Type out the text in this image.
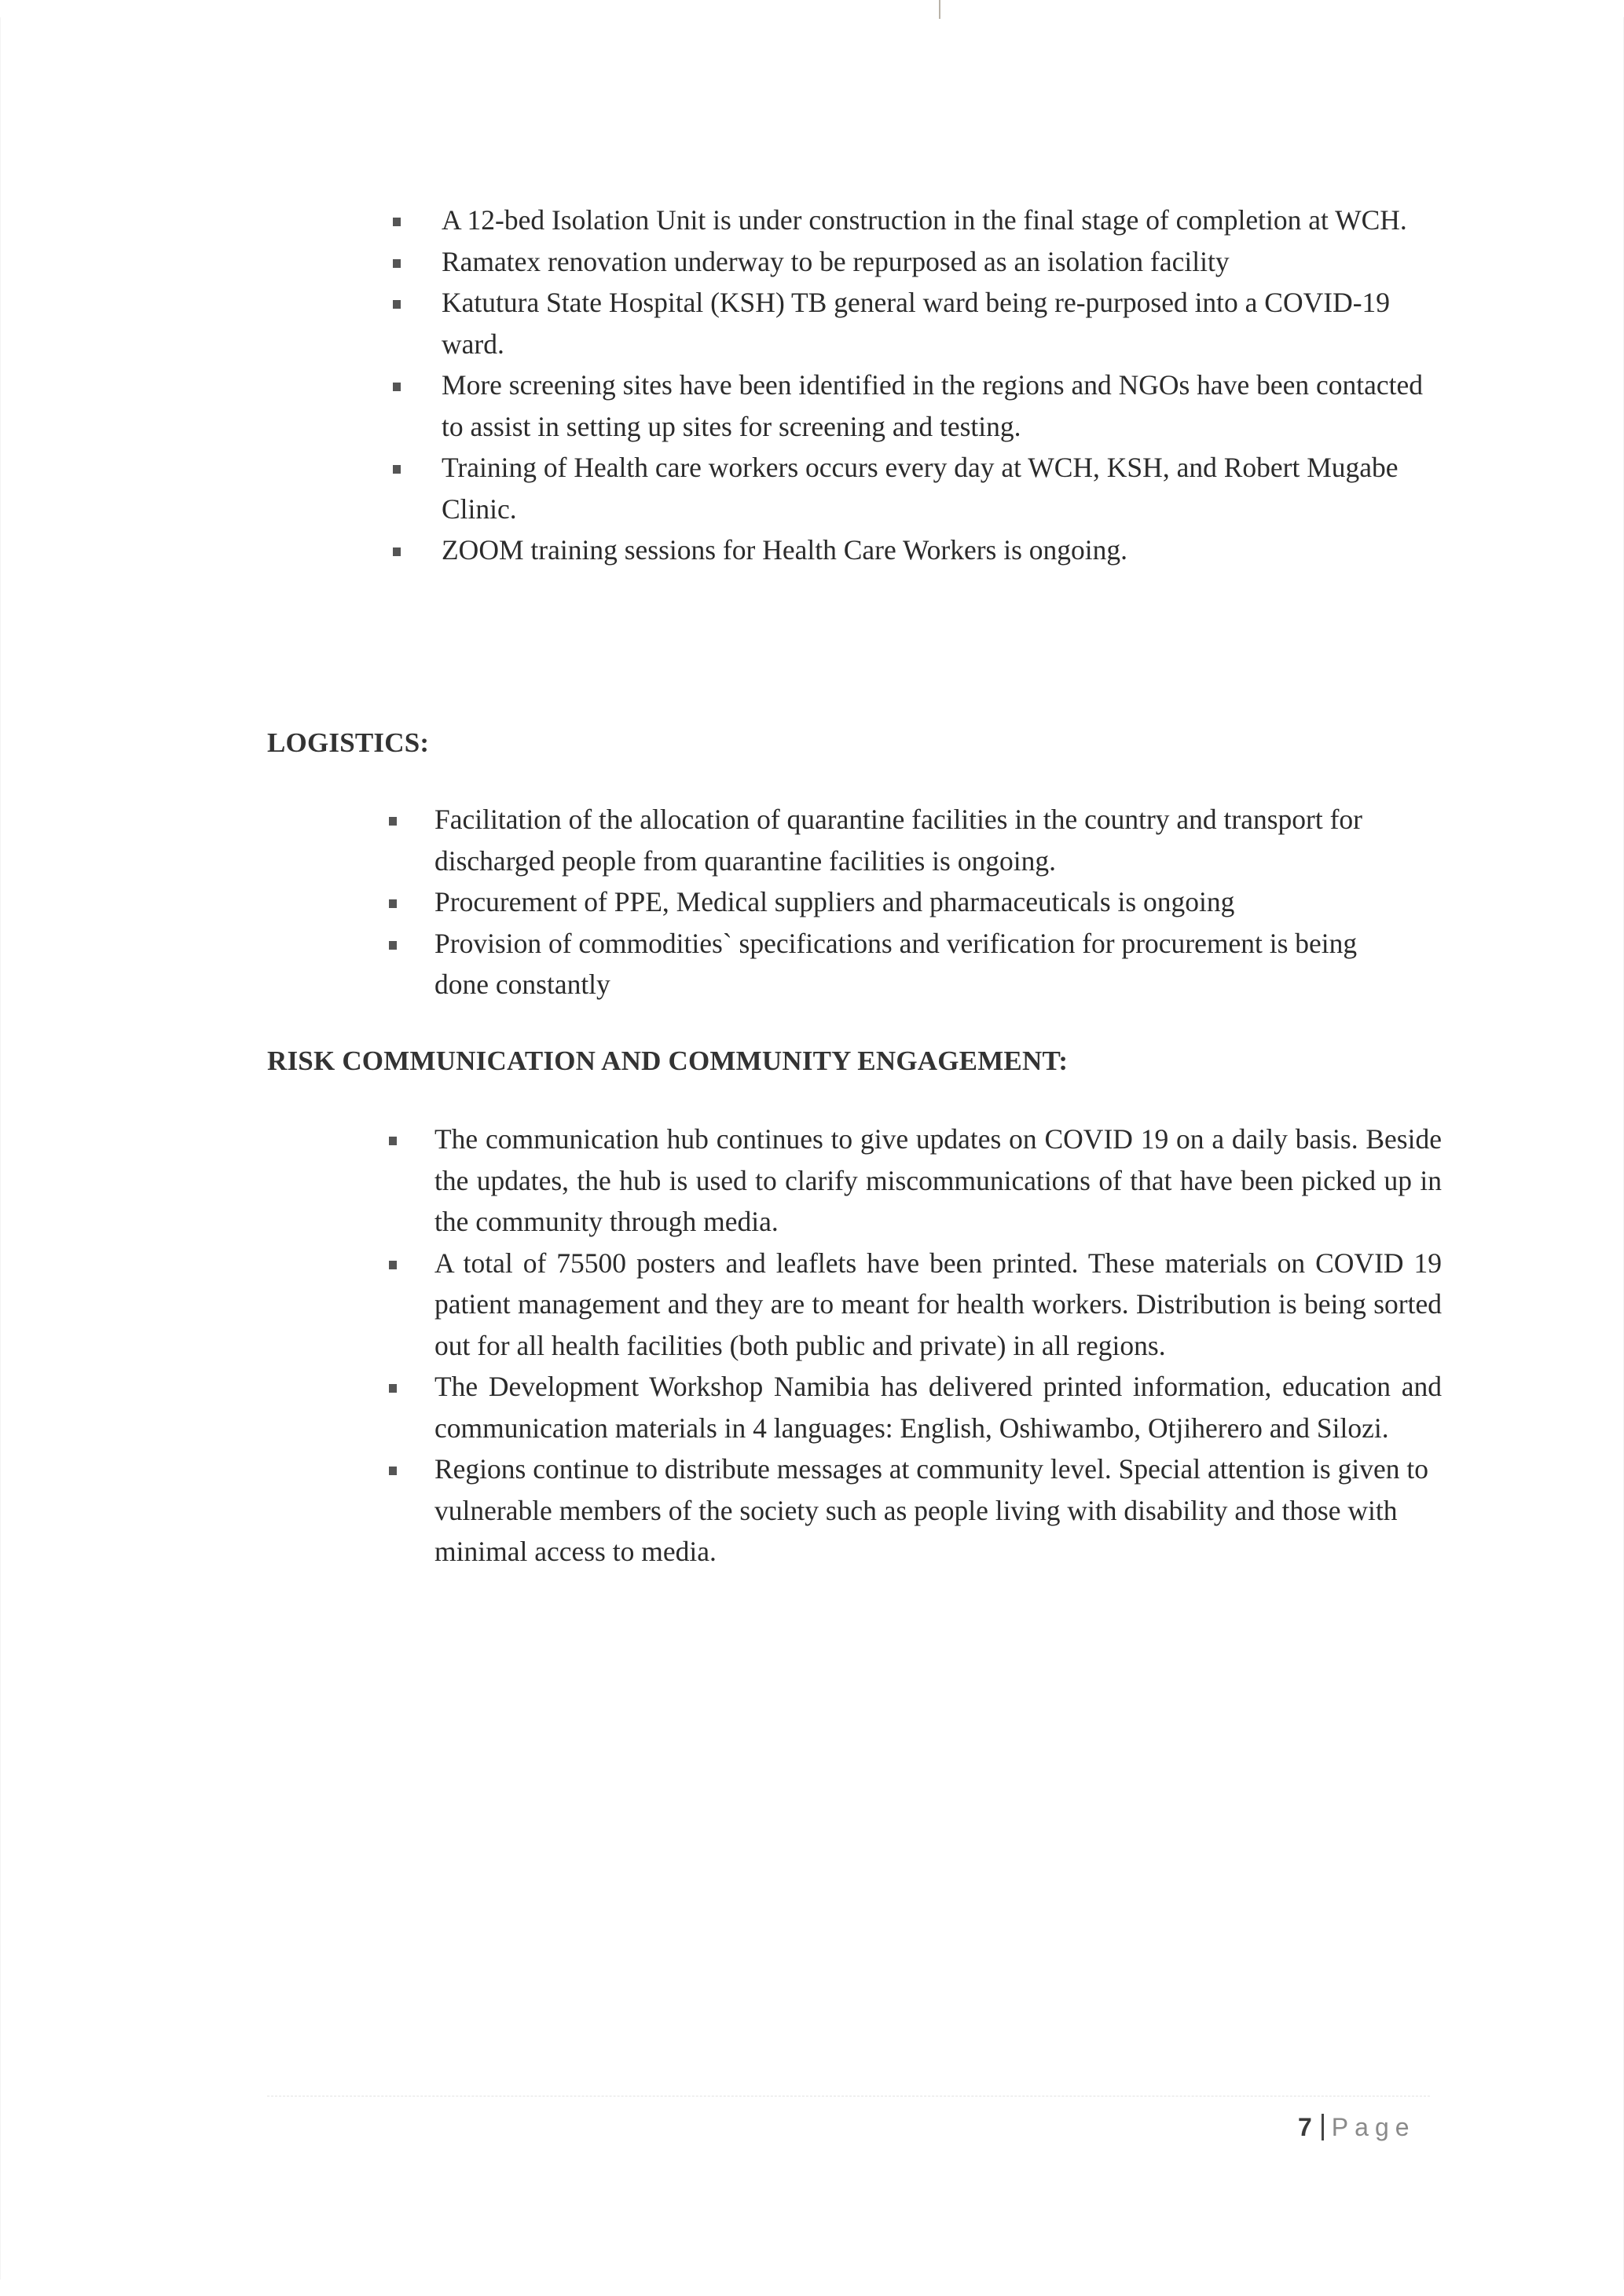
A 12-bed Isolation Unit is under construction in the final stage of completion at WCH.
Ramatex renovation underway to be repurposed as an isolation facility
Katutura State Hospital (KSH) TB general ward being re-purposed into a COVID-19 ward.
More screening sites have been identified in the regions and NGOs have been contacted to assist in setting up sites for screening and testing.
Training of Health care workers occurs every day at WCH, KSH, and Robert Mugabe Clinic.
ZOOM training sessions for Health Care Workers is ongoing.
LOGISTICS:
Facilitation of the allocation of quarantine facilities in the country and transport for discharged people from quarantine facilities is ongoing.
Procurement of PPE, Medical suppliers and pharmaceuticals is ongoing
Provision of commodities` specifications and verification for procurement is being done constantly
RISK COMMUNICATION AND COMMUNITY ENGAGEMENT:
The communication hub continues to give updates on COVID 19 on a daily basis. Beside the updates, the hub is used to clarify miscommunications of that have been picked up in the community through media.
A total of 75500 posters and leaflets have been printed. These materials on COVID 19 patient management and they are to meant for health workers. Distribution is being sorted out for all health facilities (both public and private) in all regions.
The Development Workshop Namibia has delivered printed information, education and communication materials in 4 languages: English, Oshiwambo, Otjiherero and Silozi.
Regions continue to distribute messages at community level. Special attention is given to vulnerable members of the society such as people living with disability and those with minimal access to media.
7 Page
